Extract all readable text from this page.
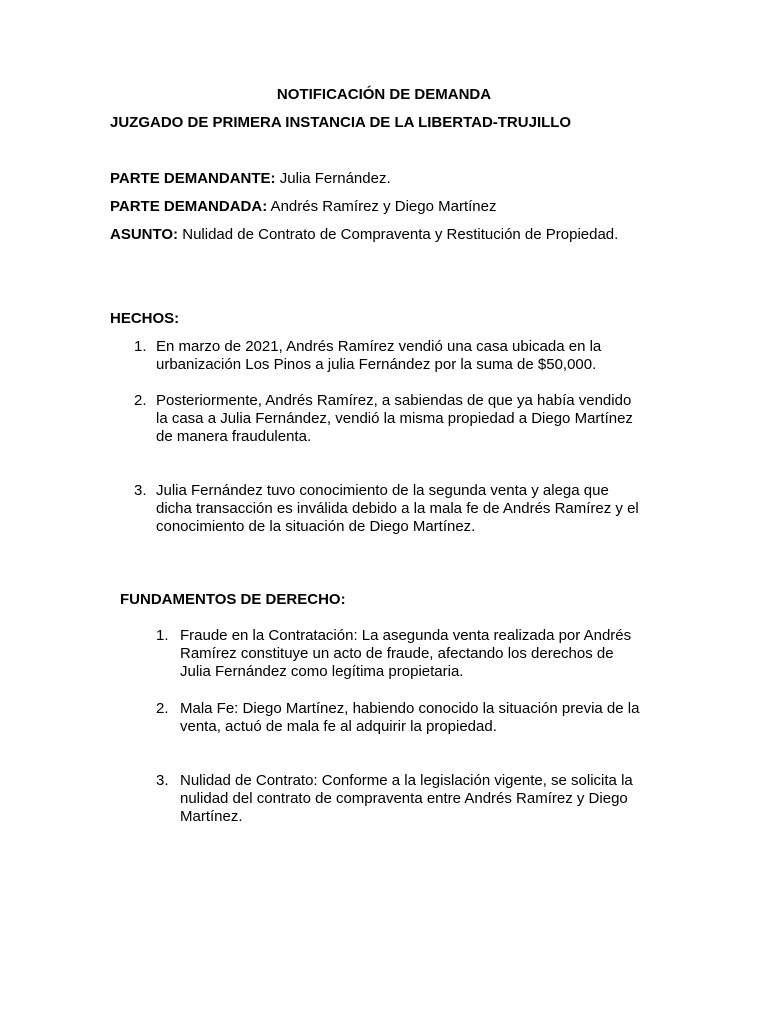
NOTIFICACIÓN DE DEMANDA
JUZGADO DE PRIMERA INSTANCIA DE LA LIBERTAD-TRUJILLO
PARTE DEMANDANTE: Julia Fernández.
PARTE DEMANDADA: Andrés Ramírez y Diego Martínez
ASUNTO: Nulidad de Contrato de Compraventa y Restitución de Propiedad.
HECHOS:
1. En marzo de 2021, Andrés Ramírez vendió una casa ubicada en la
urbanización Los Pinos a julia Fernández por la suma de $50,000.
2. Posteriormente, Andrés Ramírez, a sabiendas de que ya había vendido
la casa a Julia Fernández, vendió la misma propiedad a Diego Martínez
de manera fraudulenta.
3. Julia Fernández tuvo conocimiento de la segunda venta y alega que
dicha transacción es inválida debido a la mala fe de Andrés Ramírez y el
conocimiento de la situación de Diego Martínez.
FUNDAMENTOS DE DERECHO:
1. Fraude en la Contratación: La asegunda venta realizada por Andrés
Ramírez constituye un acto de fraude, afectando los derechos de
Julia Fernández como legítima propietaria.
2. Mala Fe: Diego Martínez, habiendo conocido la situación previa de la
venta, actuó de mala fe al adquirir la propiedad.
3. Nulidad de Contrato: Conforme a la legislación vigente, se solicita la
nulidad del contrato de compraventa entre Andrés Ramírez y Diego
Martínez.
